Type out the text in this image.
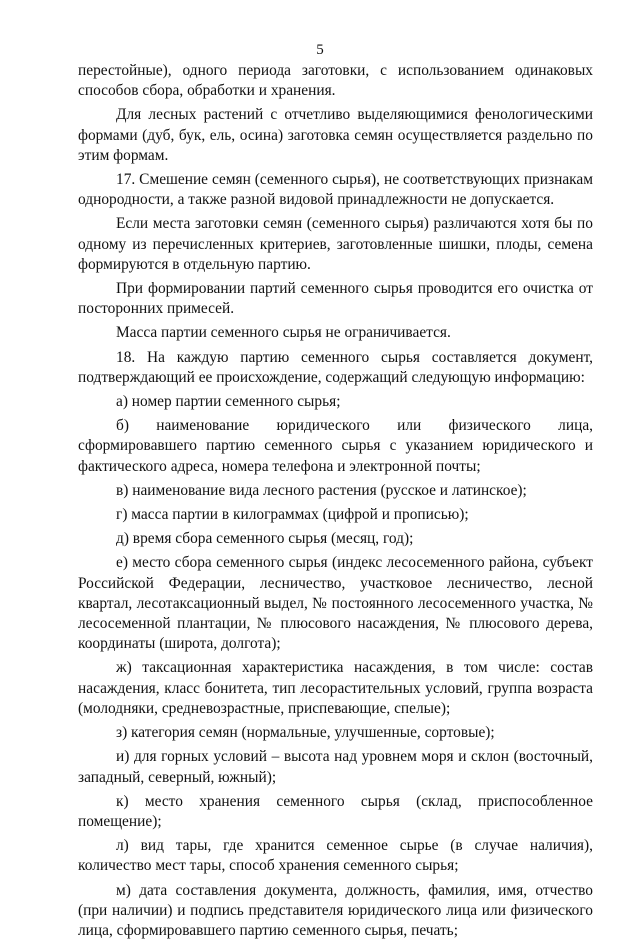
5

перестойные), одного периода заготовки, с использованием одинаковых способов сбора, обработки и хранения.

Для лесных растений с отчетливо выделяющимися фенологическими формами (дуб, бук, ель, осина) заготовка семян осуществляется раздельно по этим формам.

17. Смешение семян (семенного сырья), не соответствующих признакам однородности, а также разной видовой принадлежности не допускается.

Если места заготовки семян (семенного сырья) различаются хотя бы по одному из перечисленных критериев, заготовленные шишки, плоды, семена формируются в отдельную партию.

При формировании партий семенного сырья проводится его очистка от посторонних примесей.

Масса партии семенного сырья не ограничивается.

18. На каждую партию семенного сырья составляется документ, подтверждающий ее происхождение, содержащий следующую информацию:

а) номер партии семенного сырья;

б) наименование юридического или физического лица, сформировавшего партию семенного сырья с указанием юридического и фактического адреса, номера телефона и электронной почты;

в) наименование вида лесного растения (русское и латинское);

г) масса партии в килограммах (цифрой и прописью);

д) время сбора семенного сырья (месяц, год);

е) место сбора семенного сырья (индекс лесосеменного района, субъект Российской Федерации, лесничество, участковое лесничество, лесной квартал, лесотаксационный выдел, № постоянного лесосеменного участка, № лесосеменной плантации, № плюсового насаждения, № плюсового дерева, координаты (широта, долгота);

ж) таксационная характеристика насаждения, в том числе: состав насаждения, класс бонитета, тип лесорастительных условий, группа возраста (молодняки, средневозрастные, приспевающие, спелые);

з) категория семян (нормальные, улучшенные, сортовые);

и) для горных условий – высота над уровнем моря и склон (восточный, западный, северный, южный);

к) место хранения семенного сырья (склад, приспособленное помещение);

л) вид тары, где хранится семенное сырье (в случае наличия), количество мест тары, способ хранения семенного сырья;

м) дата составления документа, должность, фамилия, имя, отчество (при наличии) и подпись представителя юридического лица или физического лица, сформировавшего партию семенного сырья, печать;
